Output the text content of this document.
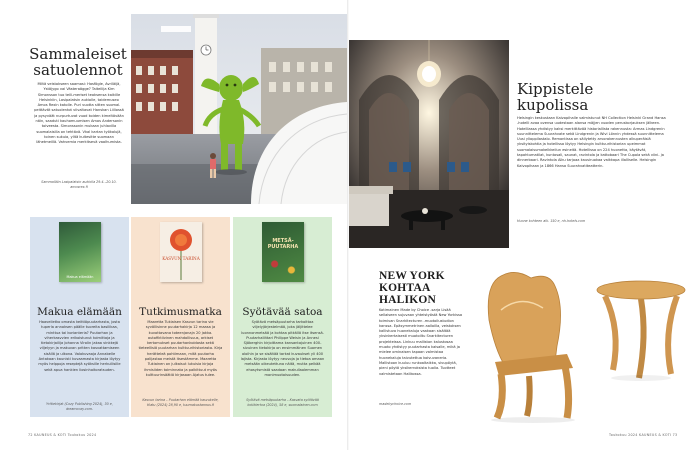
Sammaleiset satuolennot

Miltä veistokseen saamasi: Hasfögle, Avriläijä, Ystäjygo vai Västeraägge? Taiteilija Kim Simonsson tuo teili-meriset teoksensa kaikille Helsinkiin, Lasipalatsin aukiolle, taidemuseo Amos Rexin katolle. Puri vuotta sitten suomal. peittävät satuolentot viivaltavat Hanskan Liiliossä ja pysyväät nurpurtuvat vuod koiden kimeltävään näin, saaduti kauhomuumisen Amos Andersonin toiveesta. Simonssonin mukaan juhlavilla suomalaisilla on tehtävä. Vkal kartan työkalujä, toinen sukuia, ylitä kuitesitte suomaan lähetmeillä. Vahvemia merkitsevä vaalhumista.

Sammalläin Lasipalatsin aukiolla 29.4.–20.10. amosrex.fi
Makua elämään
Makua elämään

Haaveiletko omasta keittiöpuutarhasta, josta tuperla annoksen päälle tuoreita basilikaa, minttua tai korianteria? Puutarhan ja viherkasvvien erikoistunut toimittaja ja tietokirjailija Johanna Virolin jakaa vinkkejä viljelyyn ja makuvan pritten kasvattamiseen sisällä ja ulkona. Valokuvaaja Annabelle Antakaan kaunisti kuvaamasta kirjasta löytyy myös helppoja reseptejä syöksille herkullisille sekä apua hankien liosinhoitoratsuden.

Yrttiekirjat (Cozy Publishing 2024), 30 e, dreamcozy.com.
KASVUN TARINA
Tutkimusmatka

Maaretta Tukiaisen Kasvun tarina vie syvällisinne puutarhakirja 12 maasa ja kuvottavana toteenjanajn 20 jakka. autofiktiivinen mahdollisuus, arkiset kertomukset puutarhankoidosta sekä tieteellisiä puutarhan kulttuurihistoriasta. Kirja herätteleä pohtimaan, mitä puutarha palijastaa meistä itsestämme. Maaretta Tukiainen on julkaisut lukuisia kirjoja ihmisiiden toiminnata ja palkittuut myös kulttuurinsäätiö kirjasaan Ajatus tulee.

Kasvun tarina – Puutarhan elämää kasvukelle, tilatu (2024) 28,90 e, tuumakustannus.fi
METSÄ-PUUTARHA
Syötävää satoa

Syötävä metsäpuutarha tarkoittaa viljelyjärjestelmää, joka jäljittelee luonnonmetsää ja kohtaa pitkällä itse itsensä. Puutarhaliittari Philippe Weisin ja Annesi Sjöberghin kirjoittama kansantajuinen 400-sivuinen tietokirja on ensimmäinen Suomen oloihin ja se sisältää tarkat kuvaukset yli 400 lajista. Kirjasta löytyy neuvoja ja tietoa omaan metsään oikeutettuna näitä, mutta pelkää ehosytsmistä saadaan makullaolemman monimuotoisuuden.

Syötävä metsäpuutarha – Kasvata syötävää kotikiertoa (2024), 58 e, suomalainen.com
72 KAUNEUS & KOTI Toukokuu 2024
Kippistele kupolissa

Helsingin keskustaan Kaivopihalle valmistunut NH Collection Helsinki Grand Hansa -hotelli avaa ovensa uudestaan alansa mäjjen vuoden peruskorjauksen jälkeen. Hotelliassa yhdistyy kaksi merkittävää historiallista rakennusta: Armas Lindgrenin suunnittelema Suurahvate sekä Lindgrenin ja Wivi Lönnin yhdessä suunnittelema Uusi ylioppilastalo. Remontissa on säilytetty arvorakennusten alkuperäisiä yksityiskohtia ja hotellissa löytyy Helsingin kulttuurihistorian upeimmat suomalaisumakelkkeilun esineitä. Hotellissa on 224 huonetta, käytävät, tapahtumatilat, kuntosali, saunat, ravintola ja kattobaari The Cupola sekä viini- ja dinnerbaari. Ravintola Alku tarjoaa kausiruokaa vaikkapa illalliselle. Helsingin Kaivopihaan ja 1866 Hansa Suurahvatiteatterin.

Huone kohteen alk. 150 e, nh-hotels.com
NEW YORK KOHTAA HALIKON

Kotimainen Made by Choice -sarja Lisää sellaiseen sujuvaan yhteistyöstä New Yorkissa toimivan Snarkitecturen -muotoilustudion kanssa. Epäsymmetrinen aalloilla, veistoksen kallistuva huonekaluja vaakaan sisältää yksinkertaisesti muotoiltu Snarkitecturen projekteissa. Linkuu malliston kalustosaa muoto yhdistyy puutarhasta kaisalle, mikä ja mielee ominaisen tapaan valmistaa huonekaluja taivutettua koivuvaneria. Mallistoon kuuluu runkoaltaikka, sivupöytä, pieni pöytä yksikerroksista tuolia. Tuotteet valmistetaan Halikossa.

madebychoice.com
Toukokuu 2024 KAUNEUS & KOTI 73
